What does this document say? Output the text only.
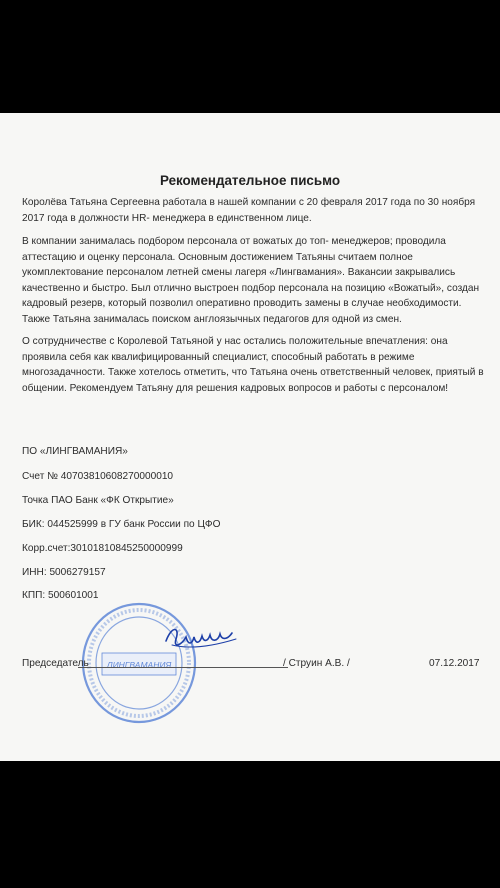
Рекомендательное письмо
Королёва Татьяна Сергеевна работала в нашей компании с 20 февраля 2017 года по 30 ноября
2017 года в должности HR- менеджера в единственном лице.
В компании занималась подбором персонала от вожатых до топ- менеджеров; проводила
аттестацию и оценку персонала. Основным достижением Татьяны считаем полное
укомплектование персоналом летней смены лагеря «Лингвамания». Вакансии закрывались
качественно и быстро. Был отлично выстроен подбор персонала на позицию «Вожатый», создан
кадровый резерв, который позволил оперативно проводить замены в случае необходимости.
Также Татьяна занималась поиском англоязычных педагогов для одной из смен.
О сотрудничестве с Королевой Татьяной у нас остались положительные впечатления: она
проявила себя как квалифицированный специалист, способный работать в режиме
многозадачности. Также хотелось отметить, что Татьяна очень ответственный человек, приятый в
общении. Рекомендуем Татьяну для решения кадровых вопросов и работы с персоналом!
ПО «ЛИНГВАМАНИЯ»
Счет № 40703810608270000010
Точка ПАО Банк «ФК Открытие»
БИК: 044525999 в ГУ банк России по ЦФО
Корр.счет:30101810845250000999
ИНН: 5006279157
КПП: 500601001
ЛИНГВАМАНИЯ
Председатель	/ Струин А.В. /	07.12.2017
